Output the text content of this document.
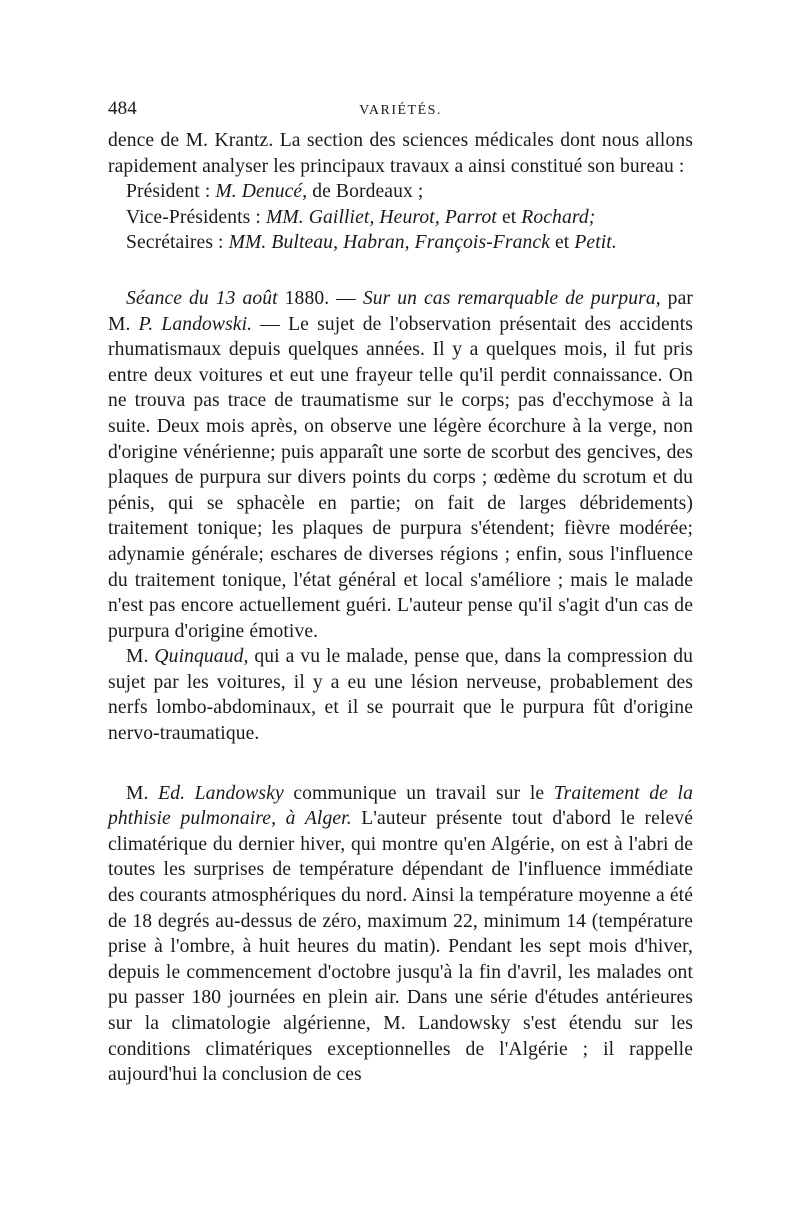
484	VARIÉTÉS.

dence de M. Krantz. La section des sciences médicales dont nous allons rapidement analyser les principaux travaux a ainsi constitué son bureau :

Président : M. Denucé, de Bordeaux ;

Vice-Présidents : MM. Gailliet, Heurot, Parrot et Rochard;

Secrétaires : MM. Bulteau, Habran, François-Franck et Petit.

Séance du 13 août 1880. — Sur un cas remarquable de purpura, par M. P. Landowski. — Le sujet de l'observation présentait des accidents rhumatismaux depuis quelques années. Il y a quelques mois, il fut pris entre deux voitures et eut une frayeur telle qu'il perdit connaissance. On ne trouva pas trace de traumatisme sur le corps; pas d'ecchymose à la suite. Deux mois après, on observe une légère écorchure à la verge, non d'origine vénérienne; puis apparaît une sorte de scorbut des gencives, des plaques de purpura sur divers points du corps ; œdème du scrotum et du pénis, qui se sphacèle en partie; on fait de larges débridements) traitement tonique; les plaques de purpura s'étendent; fièvre modérée; adynamie générale; eschares de diverses régions ; enfin, sous l'influence du traitement tonique, l'état général et local s'améliore ; mais le malade n'est pas encore actuellement guéri. L'auteur pense qu'il s'agit d'un cas de purpura d'origine émotive.

M. Quinquaud, qui a vu le malade, pense que, dans la compression du sujet par les voitures, il y a eu une lésion nerveuse, probablement des nerfs lombo-abdominaux, et il se pourrait que le purpura fût d'origine nervo-traumatique.

M. Ed. Landowsky communique un travail sur le Traitement de la phthisie pulmonaire, à Alger. L'auteur présente tout d'abord le relevé climatérique du dernier hiver, qui montre qu'en Algérie, on est à l'abri de toutes les surprises de température dépendant de l'influence immédiate des courants atmosphériques du nord. Ainsi la température moyenne a été de 18 degrés au-dessus de zéro, maximum 22, minimum 14 (température prise à l'ombre, à huit heures du matin). Pendant les sept mois d'hiver, depuis le commencement d'octobre jusqu'à la fin d'avril, les malades ont pu passer 180 journées en plein air. Dans une série d'études antérieures sur la climatologie algérienne, M. Landowsky s'est étendu sur les conditions climatériques exceptionnelles de l'Algérie ; il rappelle aujourd'hui la conclusion de ces
